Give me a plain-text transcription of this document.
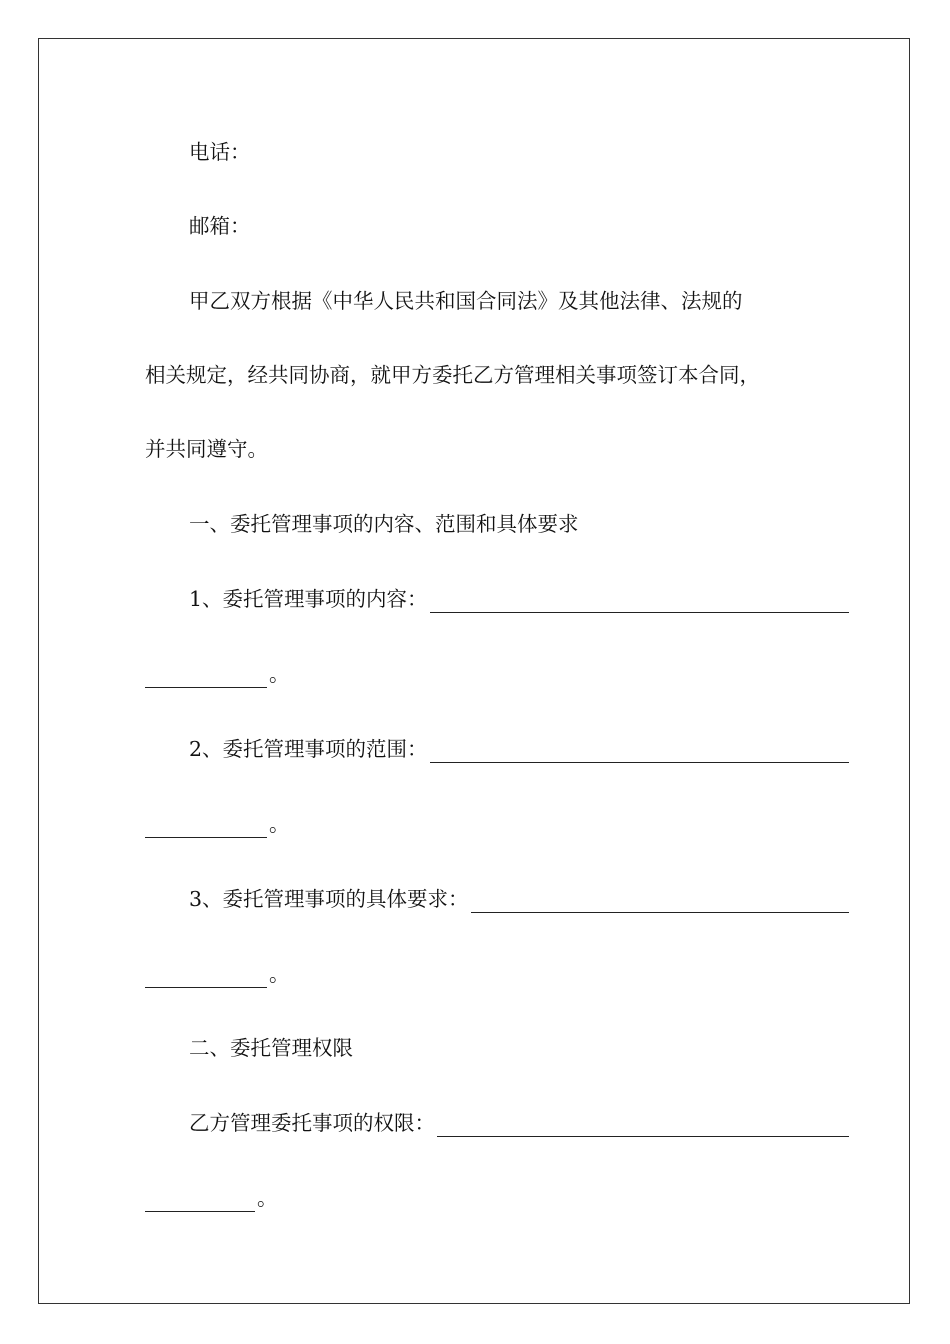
电话：
邮箱：
甲乙双方根据《中华人民共和国合同法》及其他法律、法规的
相关规定，经共同协商，就甲方委托乙方管理相关事项签订本合同，
并共同遵守。
一、委托管理事项的内容、范围和具体要求
1、委托管理事项的内容：
。
2、委托管理事项的范围：
。
3、委托管理事项的具体要求：
。
二、委托管理权限
乙方管理委托事项的权限：
。
